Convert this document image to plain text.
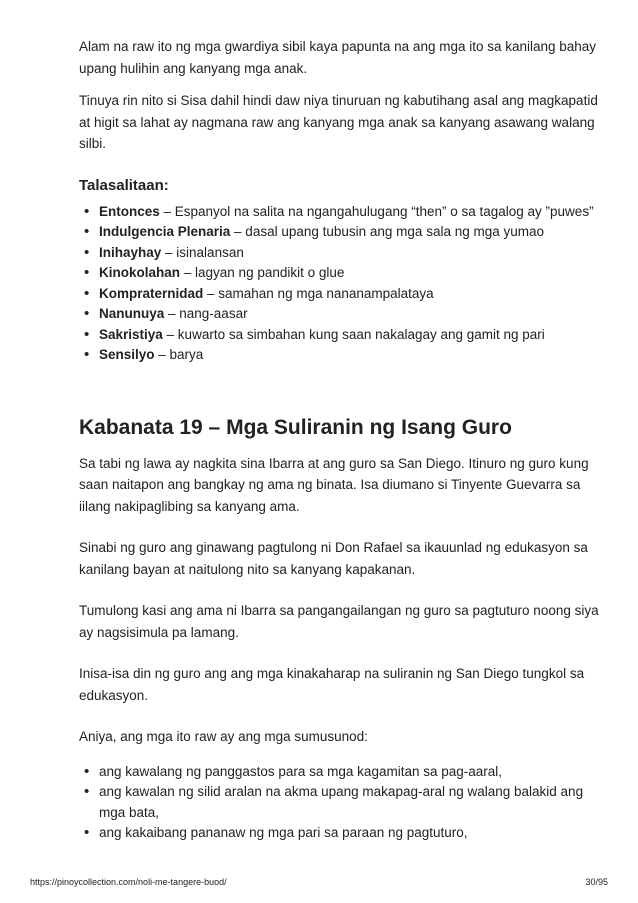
Alam na raw ito ng mga gwardiya sibil kaya papunta na ang mga ito sa kanilang bahay upang hulihin ang kanyang mga anak.

Tinuya rin nito si Sisa dahil hindi daw niya tinuruan ng kabutihang asal ang magkapatid at higit sa lahat ay nagmana raw ang kanyang mga anak sa kanyang asawang walang silbi.

Talasalitaan:
• Entonces – Espanyol na salita na ngangahulugang “then” o sa tagalog ay ”puwes”
• Indulgencia Plenaria – dasal upang tubusin ang mga sala ng mga yumao
• Inihayhay – isinalansan
• Kinokolahan – lagyan ng pandikit o glue
• Kompraternidad – samahan ng mga nananampalataya
• Nanunuya – nang-aasar
• Sakristiya – kuwarto sa simbahan kung saan nakalagay ang gamit ng pari
• Sensilyo – barya
Kabanata 19 – Mga Suliranin ng Isang Guro

Sa tabi ng lawa ay nagkita sina Ibarra at ang guro sa San Diego. Itinuro ng guro kung saan naitapon ang bangkay ng ama ng binata. Isa diumano si Tinyente Guevarra sa iilang nakipaglibing sa kanyang ama.

Sinabi ng guro ang ginawang pagtulong ni Don Rafael sa ikauunlad ng edukasyon sa kanilang bayan at naitulong nito sa kanyang kapakanan.

Tumulong kasi ang ama ni Ibarra sa pangangailangan ng guro sa pagtuturo noong siya ay nagsisimula pa lamang.

Inisa-isa din ng guro ang ang mga kinakaharap na suliranin ng San Diego tungkol sa edukasyon.

Aniya, ang mga ito raw ay ang mga sumusunod:

• ang kawalang ng panggastos para sa mga kagamitan sa pag-aaral,
• ang kawalan ng silid aralan na akma upang makapag-aral ng walang balakid ang mga bata,
• ang kakaibang pananaw ng mga pari sa paraan ng pagtuturo,
https://pinoycollection.com/noli-me-tangere-buod/	30/95
